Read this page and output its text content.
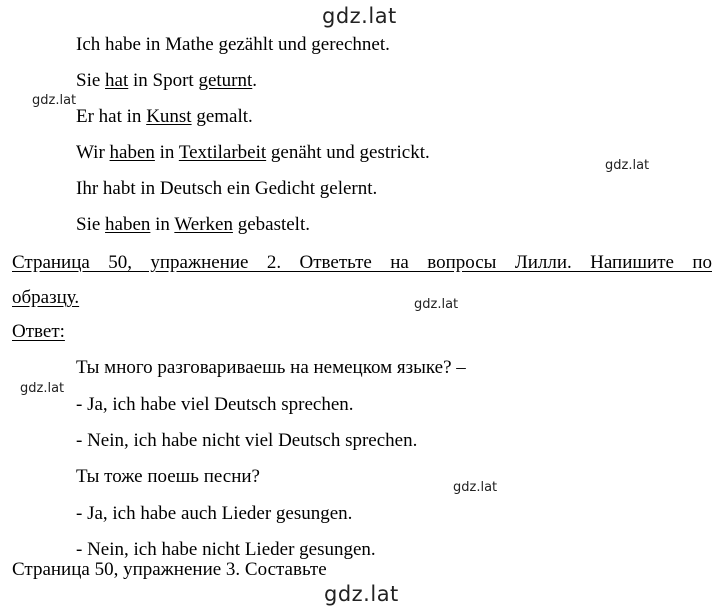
gdz.lat
Ich habe in Mathe gezählt und gerechnet.
Sie hat in Sport geturnt.
gdz.lat
Er hat in Kunst gemalt.
Wir haben in Textilarbeit genäht und gestrickt.
gdz.lat
Ihr habt in Deutsch ein Gedicht gelernt.
Sie haben in Werken gebastelt.
Страница 50, упражнение 2. Ответьте на вопросы Лилли. Напишите по
образцу.	gdz.lat
Ответ:
Ты много разговариваешь на немецком языке? –
gdz.lat
- Ja, ich habe viel Deutsch sprechen.
- Nein, ich habe nicht viel Deutsch sprechen.
Ты тоже поешь песни?
gdz.lat
- Ja, ich habe auch Lieder gesungen.
- Nein, ich habe nicht Lieder gesungen.
Страница 50, упражнение 3. Составьте
gdz.lat
